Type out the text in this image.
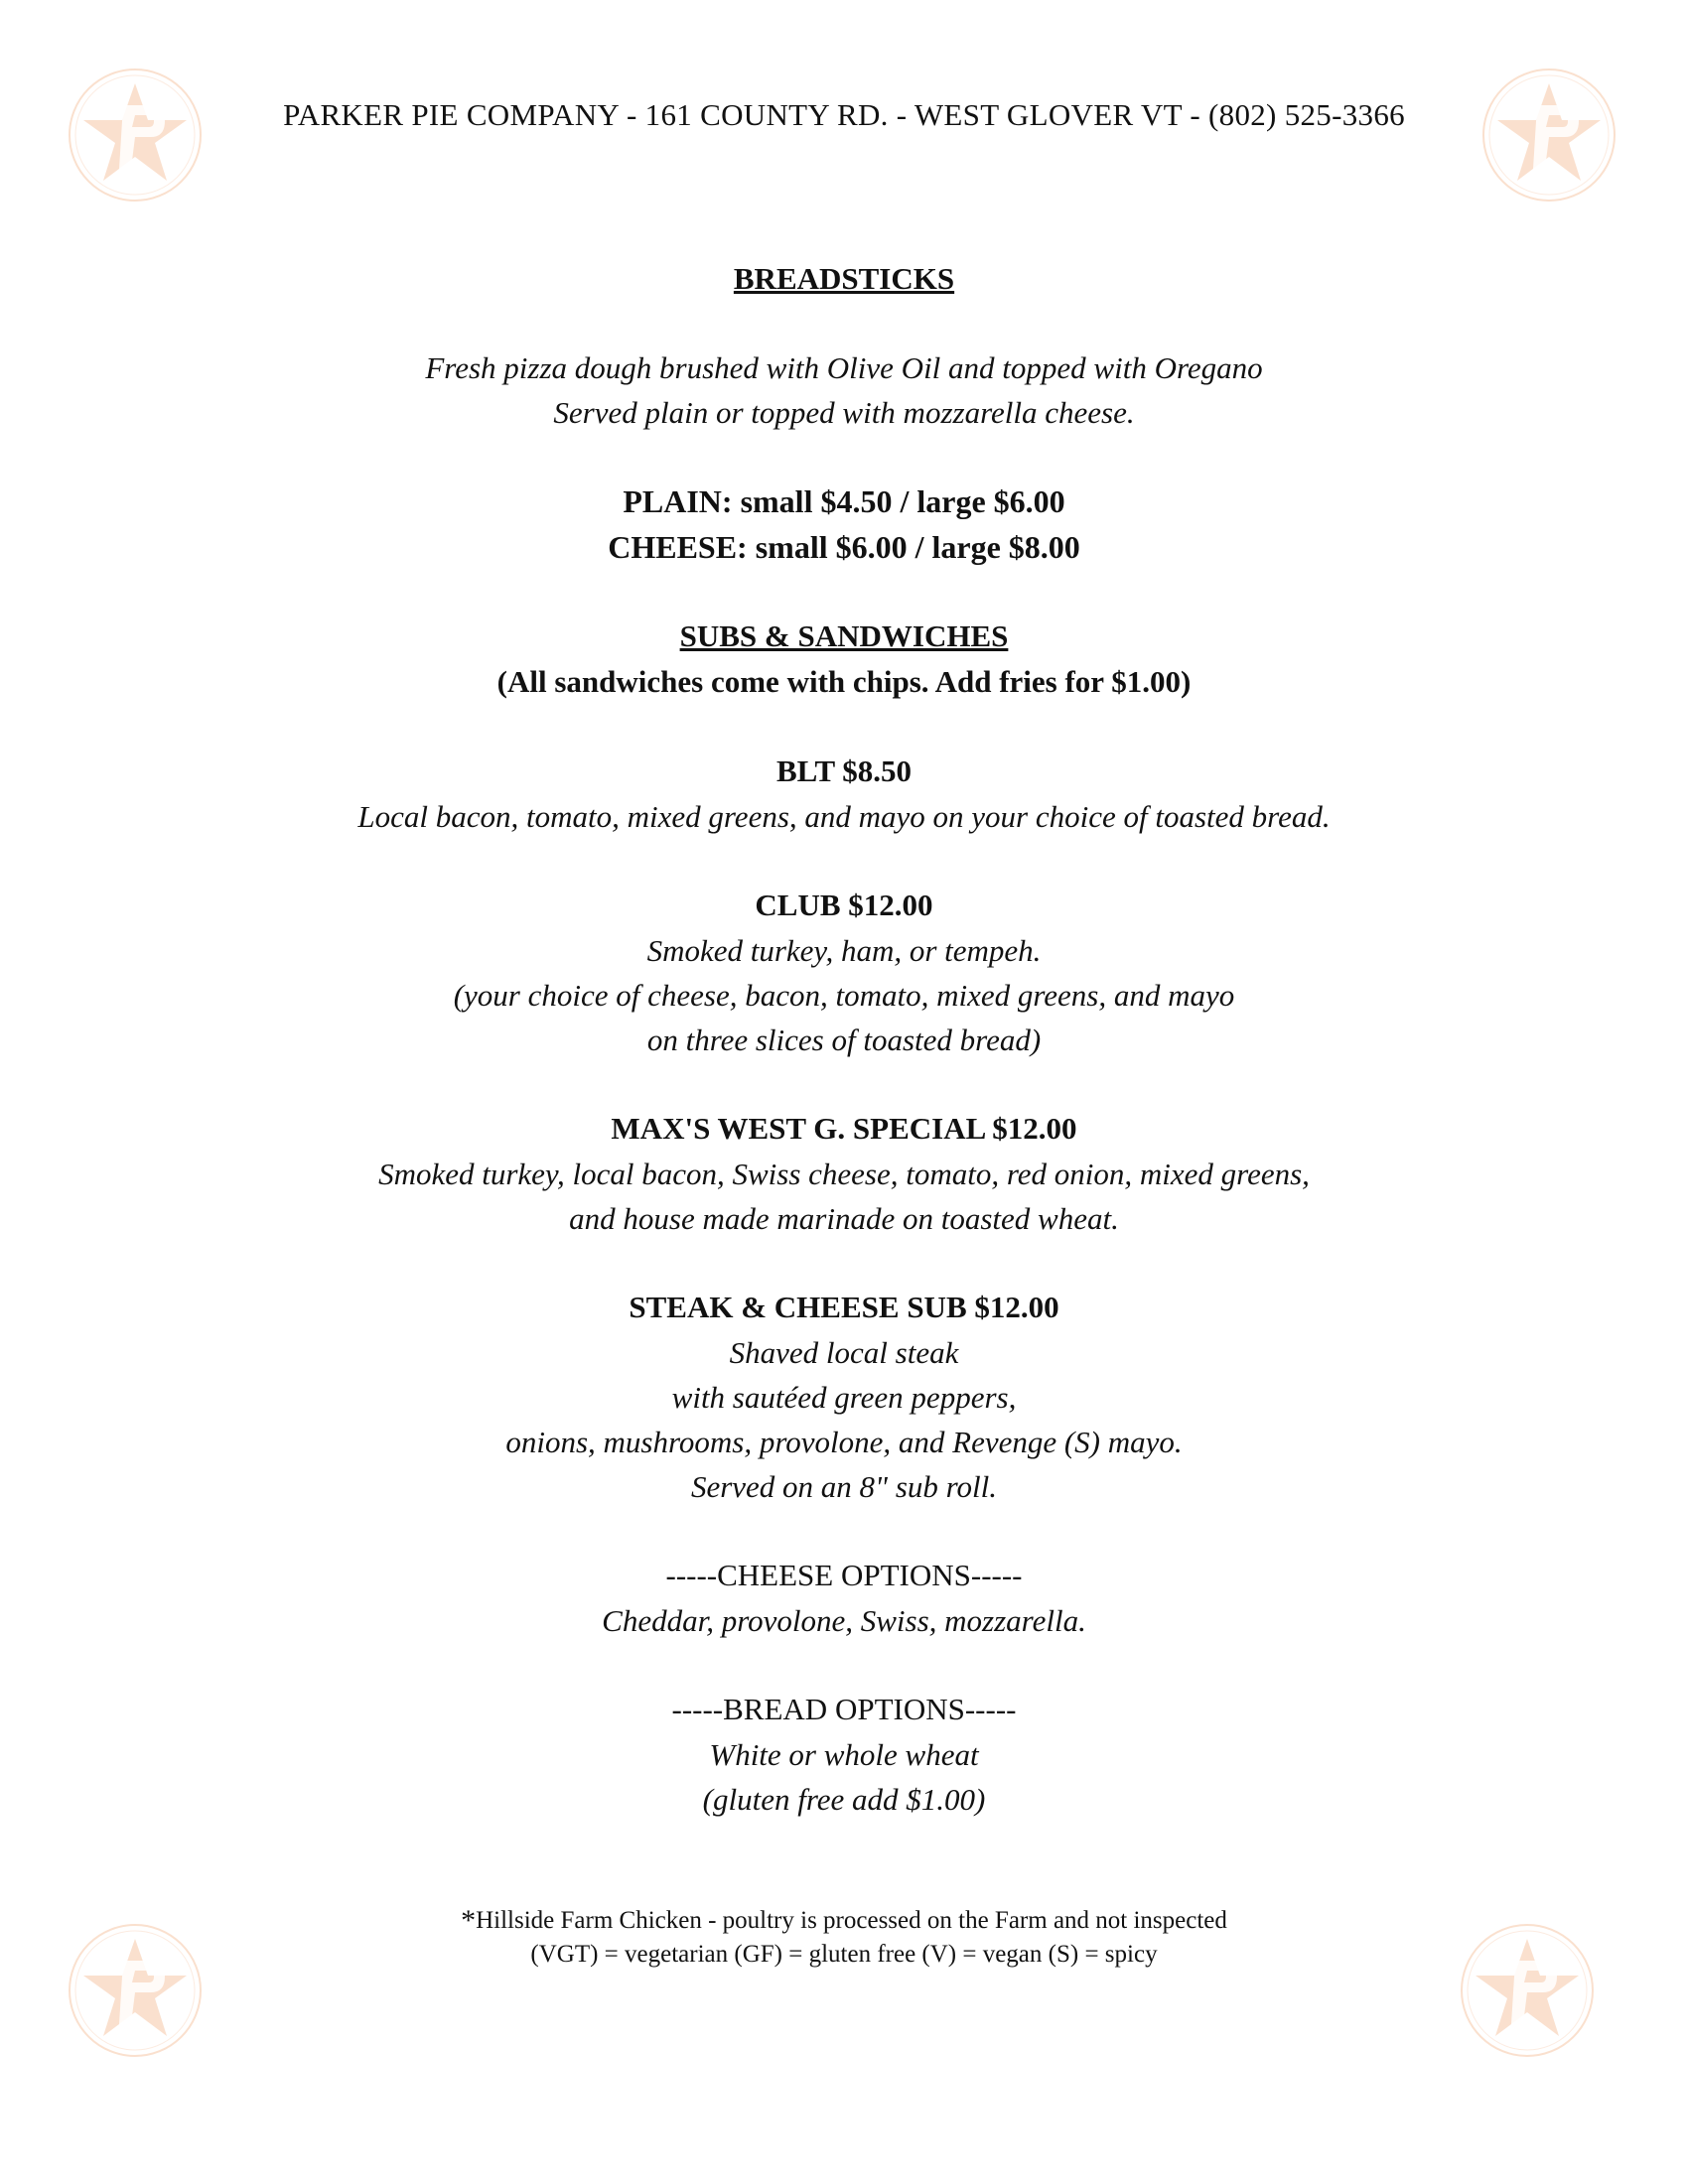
PARKER PIE COMPANY - 161 COUNTY RD. - WEST GLOVER VT - (802) 525-3366
BREADSTICKS
Fresh pizza dough brushed with Olive Oil and topped with Oregano
Served plain or topped with mozzarella cheese.
PLAIN: small $4.50 / large $6.00
CHEESE: small $6.00 / large $8.00
SUBS & SANDWICHES
(All sandwiches come with chips. Add fries for $1.00)
BLT $8.50
Local bacon, tomato, mixed greens, and mayo on your choice of toasted bread.
CLUB $12.00
Smoked turkey, ham, or tempeh.
(your choice of cheese, bacon, tomato, mixed greens, and mayo
on three slices of toasted bread)
MAX'S WEST G. SPECIAL $12.00
Smoked turkey, local bacon, Swiss cheese, tomato, red onion, mixed greens,
and house made marinade on toasted wheat.
STEAK & CHEESE SUB $12.00
Shaved local steak
with sautéed green peppers,
onions, mushrooms, provolone, and Revenge (S) mayo.
Served on an 8" sub roll.
-----CHEESE OPTIONS-----
Cheddar, provolone, Swiss, mozzarella.
-----BREAD OPTIONS-----
White or whole wheat
(gluten free add $1.00)
*Hillside Farm Chicken - poultry is processed on the Farm and not inspected
(VGT) = vegetarian (GF) = gluten free (V) = vegan (S) = spicy
